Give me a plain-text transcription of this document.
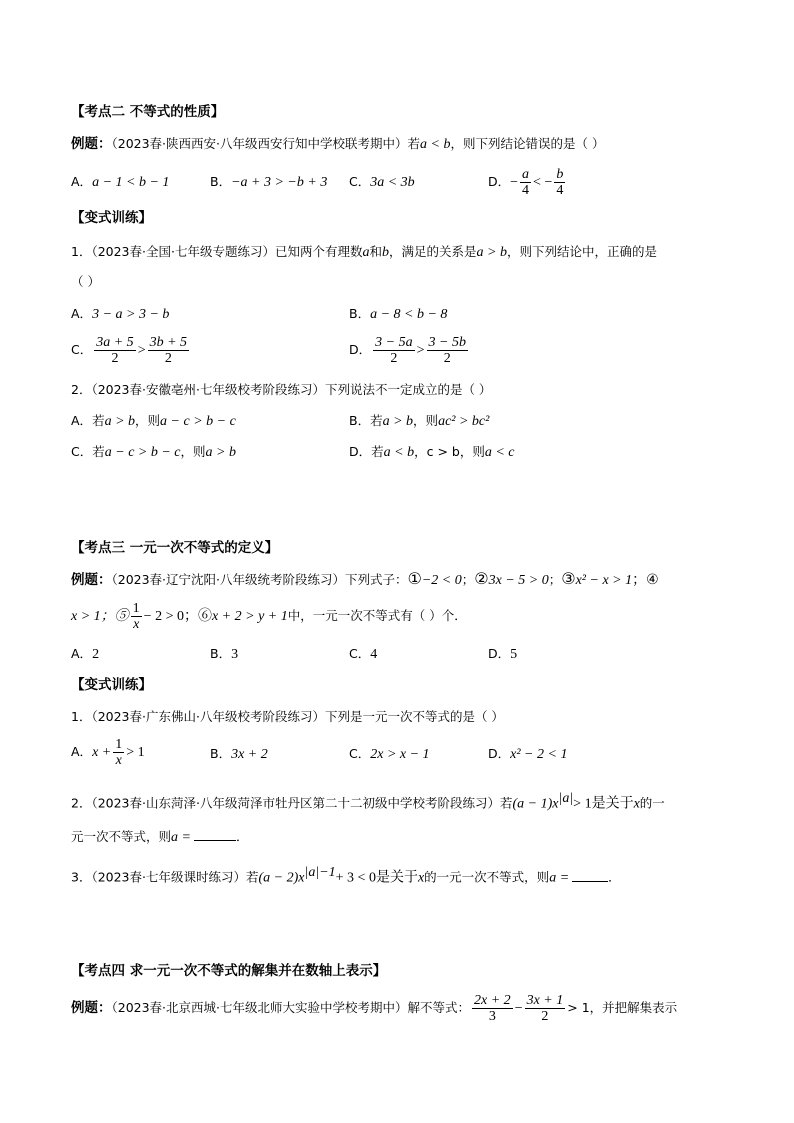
【考点二 不等式的性质】
例题：（2023春·陕西西安·八年级西安行知中学校联考期中）若a < b，则下列结论错误的是（ ）
A．a − 1 < b − 1	B．−a + 3 > −b + 3 C．3a < 3b	D．− $\frac{a}{4}$ < − $\frac{b}{4}$
【变式训练】
1．（2023春·全国·七年级专题练习）已知两个有理数a和b，满足的关系是a > b，则下列结论中，正确的是
（ ）
A．3 − a > 3 − b	B．a − 8 < b − 8
C． $\frac{3a + 5}{2} > \frac{3b + 5}{2}$	D． $\frac{3 - 5a}{2} > \frac{3 - 5b}{2}$
2．（2023春·安徽亳州·七年级校考阶段练习）下列说法不一定成立的是（ ）
A．若a > b，则a − c > b − c	B．若a > b，则ac² > bc²
C．若a − c > b − c，则a > b	D．若a < b，c > b，则a < c
【考点三 一元一次不等式的定义】
例题：（2023春·辽宁沈阳·八年级统考阶段练习）下列式子：①−2 < 0；②3x − 5 > 0；③x² − x > 1；④
x > 1；⑤ $\frac{1}{x} - 2 > 0$；⑥x + 2 > y + 1中，一元一次不等式有（ ）个．
A．2	B．3	C．4	D．5
【变式训练】
1．（2023春·广东佛山·八年级校考阶段练习）下列是一元一次不等式的是（ ）
A．$x + \frac{1}{x} > 1$	B．3x + 2	C．2x > x − 1	D．x² − 2 < 1
2．（2023春·山东菏泽·八年级菏泽市牡丹区第二十二初级中学校考阶段练习）若$(a - 1)x^{|a|}> 1$是关于x的一
元一次不等式，则a =	．
3．（2023春·七年级课时练习）若$(a - 2)x^{|a|-1}+ 3 < 0$是关于x的一元一次不等式，则a =	．
【考点四 求一元一次不等式的解集并在数轴上表示】
例题：（2023春·北京西城·七年级北师大实验中学校考期中）解不等式： $\frac{2x + 2}{3} - \frac{3x + 1}{2} > 1$，并把解集表示
